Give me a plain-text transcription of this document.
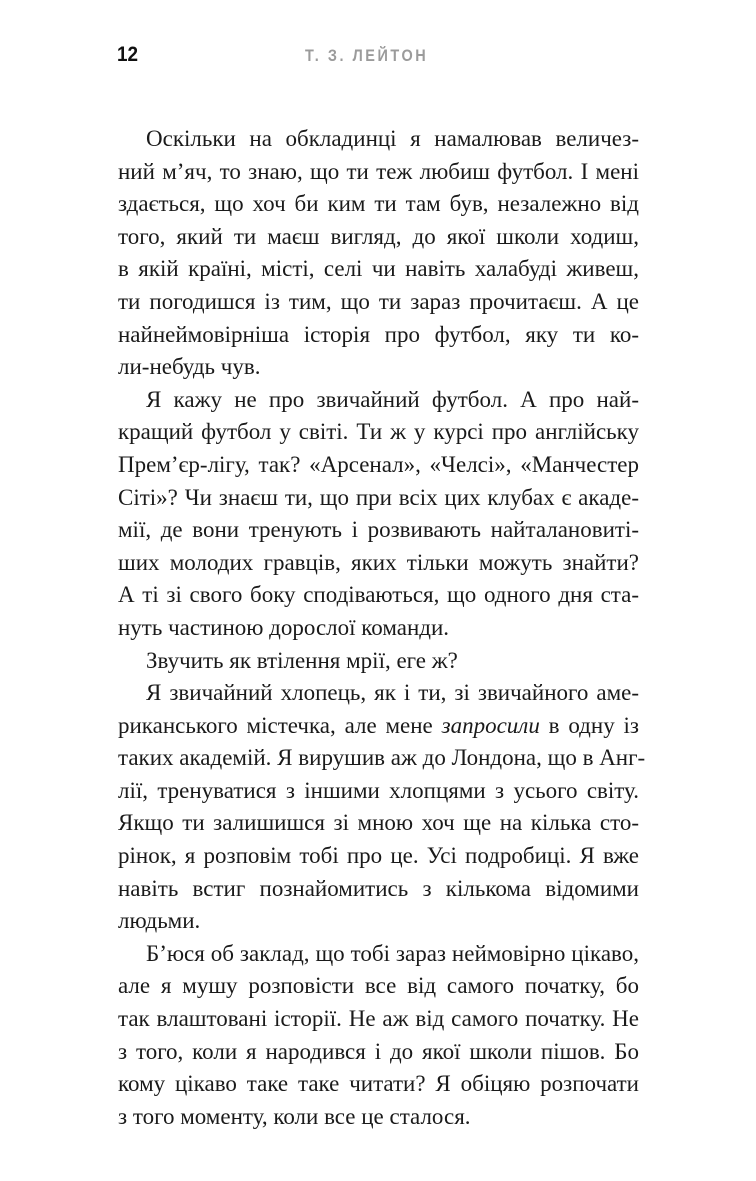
12	Т. З. ЛЕЙТОН
Оскільки на обкладинці я намалював величез-
ний м’яч, то знаю, що ти теж любиш футбол. І мені
здається, що хоч би ким ти там був, незалежно від
того, який ти маєш вигляд, до якої школи ходиш,
в якій країні, місті, селі чи навіть халабуді живеш,
ти погодишся із тим, що ти зараз прочитаєш. А це
найнеймовірніша історія про футбол, яку ти ко-
ли-небудь чув.
Я кажу не про звичайний футбол. А про най-
кращий футбол у світі. Ти ж у курсі про англійську
Прем’єр-лігу, так? «Арсенал», «Челсі», «Манчестер
Сіті»? Чи знаєш ти, що при всіх цих клубах є акаде-
мії, де вони тренують і розвивають найталановиті-
ших молодих гравців, яких тільки можуть знайти?
А ті зі свого боку сподіваються, що одного дня ста-
нуть частиною дорослої команди.
Звучить як втілення мрії, еге ж?
Я звичайний хлопець, як і ти, зі звичайного аме-
риканського містечка, але мене запросили в одну із
таких академій. Я вирушив аж до Лондона, що в Анг-
лії, тренуватися з іншими хлопцями з усього світу.
Якщо ти залишишся зі мною хоч ще на кілька сто-
рінок, я розповім тобі про це. Усі подробиці. Я вже
навіть встиг познайомитись з кількома відомими
людьми.
Б’юся об заклад, що тобі зараз неймовірно цікаво,
але я мушу розповісти все від самого початку, бо
так влаштовані історії. Не аж від самого початку. Не
з того, коли я народився і до якої школи пішов. Бо
кому цікаво таке таке читати? Я обіцяю розпочати
з того моменту, коли все це сталося.
